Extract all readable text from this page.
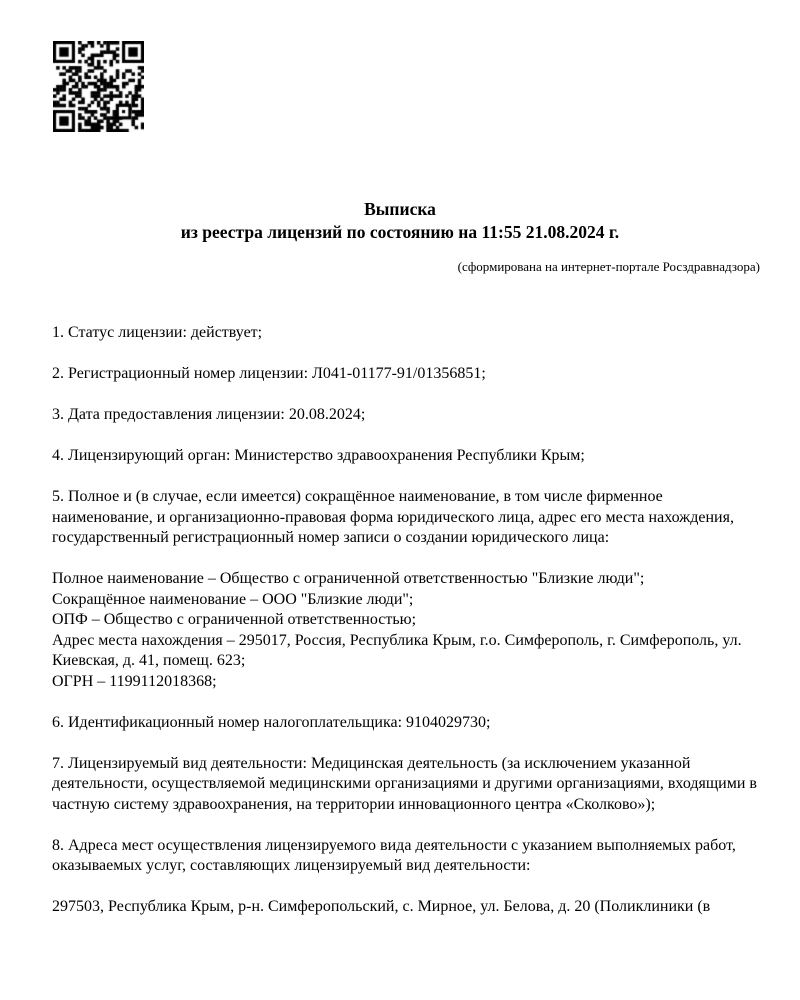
Выписка
из реестра лицензий по состоянию на 11:55 21.08.2024 г.
(сформирована на интернет-портале Росздравнадзора)

1. Статус лицензии: действует;

2. Регистрационный номер лицензии: Л041-01177-91/01356851;

3. Дата предоставления лицензии: 20.08.2024;

4. Лицензирующий орган: Министерство здравоохранения Республики Крым;

5. Полное и (в случае, если имеется) сокращённое наименование, в том числе фирменное наименование, и организационно-правовая форма юридического лица, адрес его места нахождения, государственный регистрационный номер записи о создании юридического лица:

Полное наименование – Общество с ограниченной ответственностью "Близкие люди";
Сокращённое наименование – ООО "Близкие люди";
ОПФ – Общество с ограниченной ответственностью;
Адрес места нахождения – 295017, Россия, Республика Крым, г.о. Симферополь, г. Симферополь, ул. Киевская, д. 41, помещ. 623;
ОГРН – 1199112018368;

6. Идентификационный номер налогоплательщика: 9104029730;

7. Лицензируемый вид деятельности: Медицинская деятельность (за исключением указанной деятельности, осуществляемой медицинскими организациями и другими организациями, входящими в частную систему здравоохранения, на территории инновационного центра «Сколково»);

8. Адреса мест осуществления лицензируемого вида деятельности с указанием выполняемых работ, оказываемых услуг, составляющих лицензируемый вид деятельности:

297503, Республика Крым, р-н. Симферопольский, с. Мирное, ул. Белова, д. 20 (Поликлиники (в
